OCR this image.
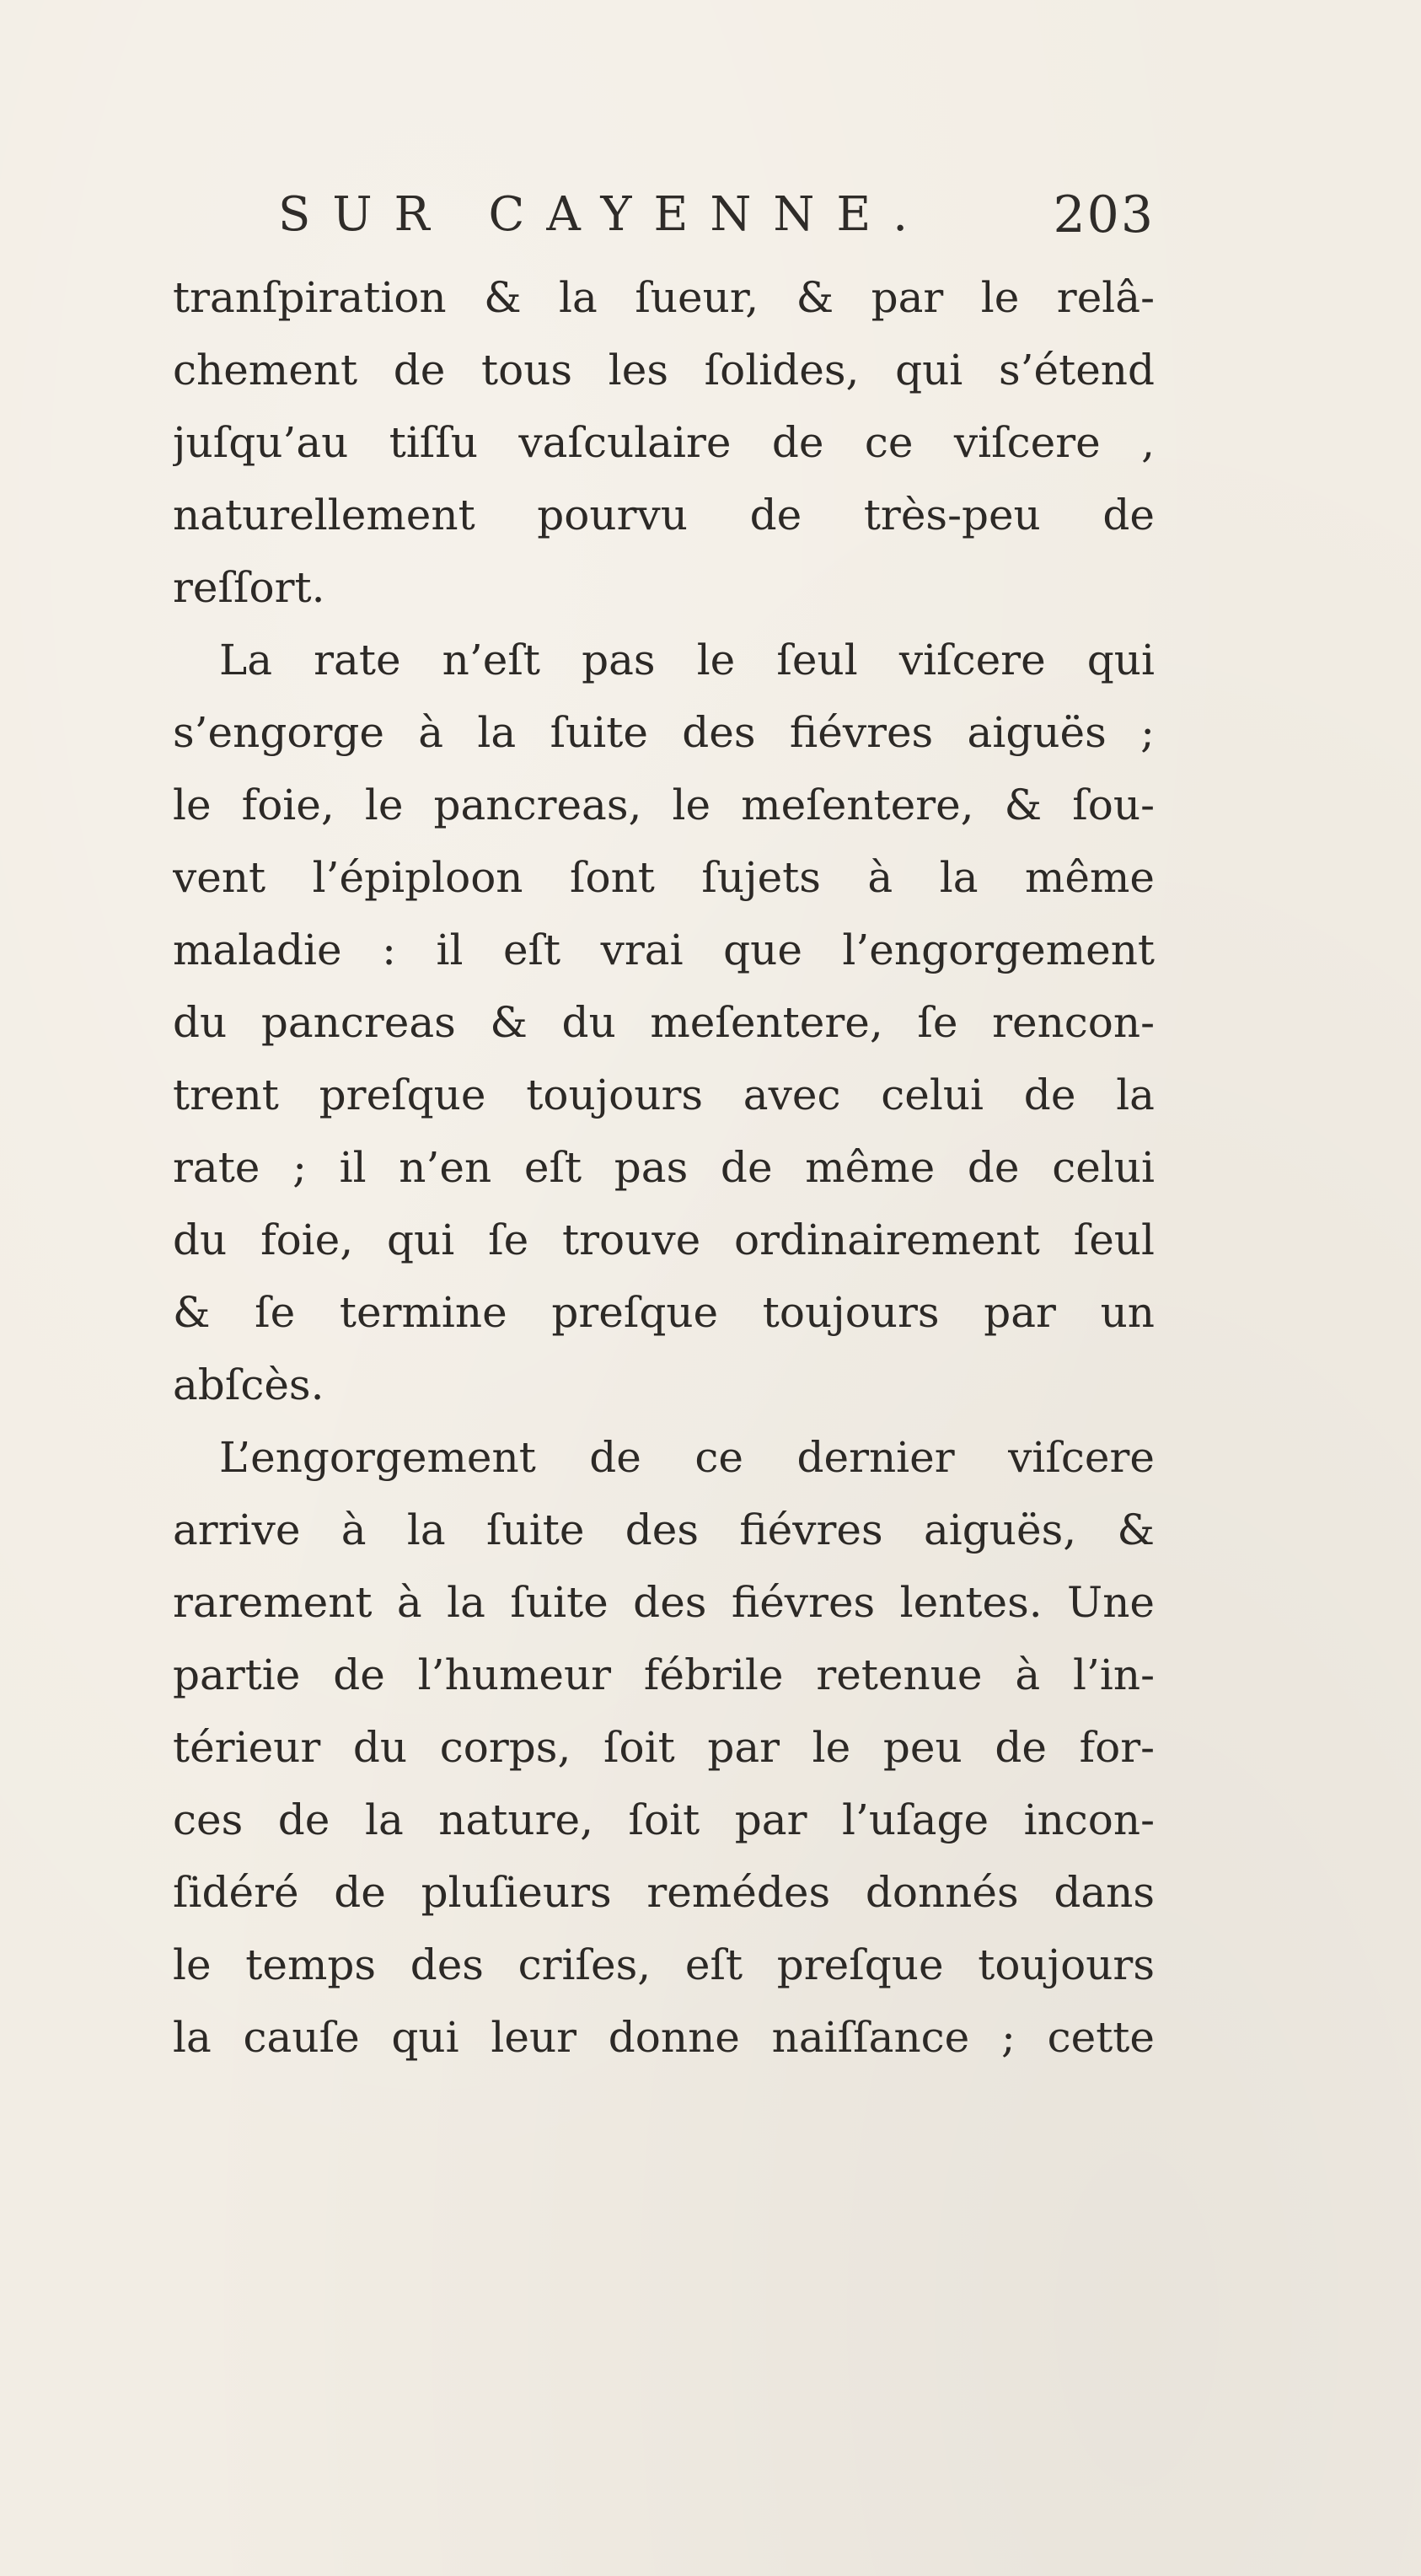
SUR CAYENNE. 203
tranſpiration & la ſueur, & par le relâ-
chement de tous les ſolides, qui s’étend
juſqu’au tiſſu vaſculaire de ce viſcere ,
naturellement pourvu de très-peu de
reſſort.
La rate n’eſt pas le ſeul viſcere qui
s’engorge à la ſuite des fiévres aiguës ;
le foie, le pancreas, le meſentere, & ſou-
vent l’épiploon ſont ſujets à la même
maladie : il eſt vrai que l’engorgement
du pancreas & du meſentere, ſe rencon-
trent preſque toujours avec celui de la
rate ; il n’en eſt pas de même de celui
du foie, qui ſe trouve ordinairement ſeul
& ſe termine preſque toujours par un
abſcès.
L’engorgement de ce dernier viſcere
arrive à la ſuite des fiévres aiguës, &
rarement à la ſuite des fiévres lentes. Une
partie de l’humeur fébrile retenue à l’in-
térieur du corps, ſoit par le peu de for-
ces de la nature, ſoit par l’uſage incon-
ſidéré de pluſieurs remédes donnés dans
le temps des criſes, eſt preſque toujours
la cauſe qui leur donne naiſſance ; cette
